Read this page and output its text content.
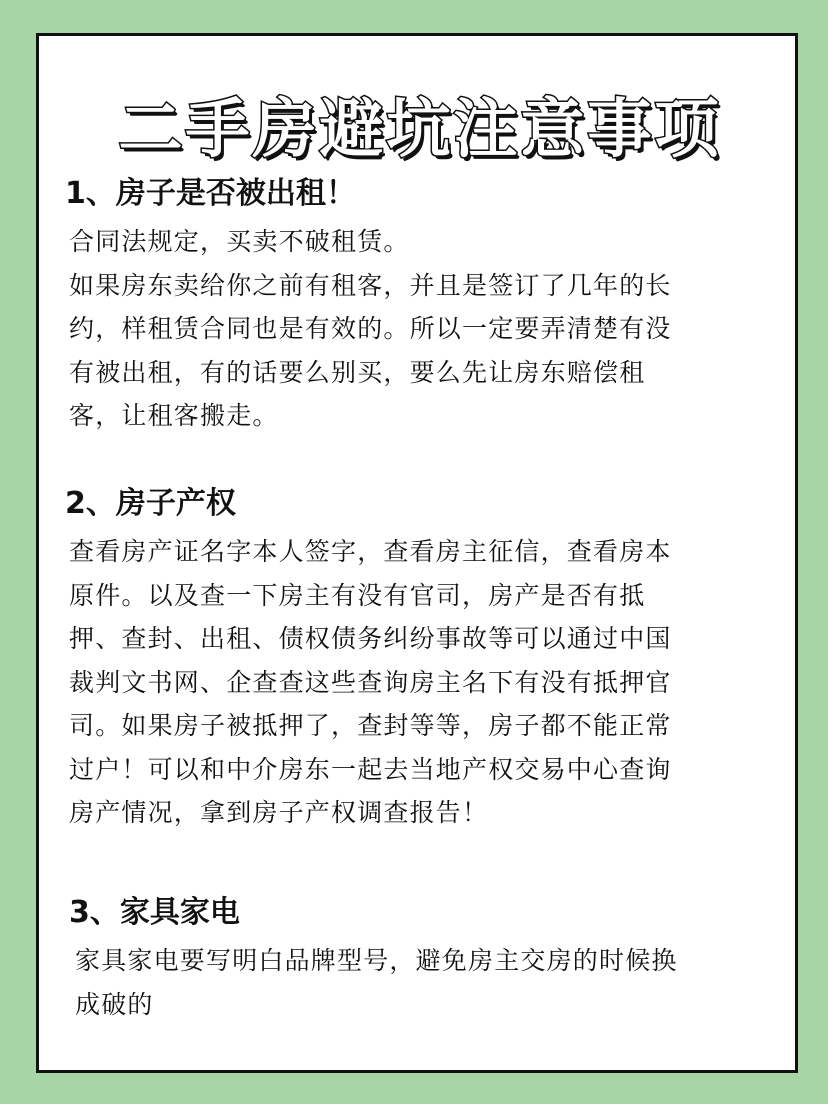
二手房避坑注意事项
1、房子是否被出租！
合同法规定，买卖不破租赁。
如果房东卖给你之前有租客，并且是签订了几年的长
约，样租赁合同也是有效的。所以一定要弄清楚有没
有被出租，有的话要么别买，要么先让房东赔偿租
客，让租客搬走。
2、房子产权
查看房产证名字本人签字，查看房主征信，查看房本
原件。以及查一下房主有没有官司，房产是否有抵
押、查封、出租、债权债务纠纷事故等可以通过中国
裁判文书网、企查查这些查询房主名下有没有抵押官
司。如果房子被抵押了，查封等等，房子都不能正常
过户！可以和中介房东一起去当地产权交易中心查询
房产情况，拿到房子产权调查报告！
3、家具家电
家具家电要写明白品牌型号，避免房主交房的时候换
成破的
